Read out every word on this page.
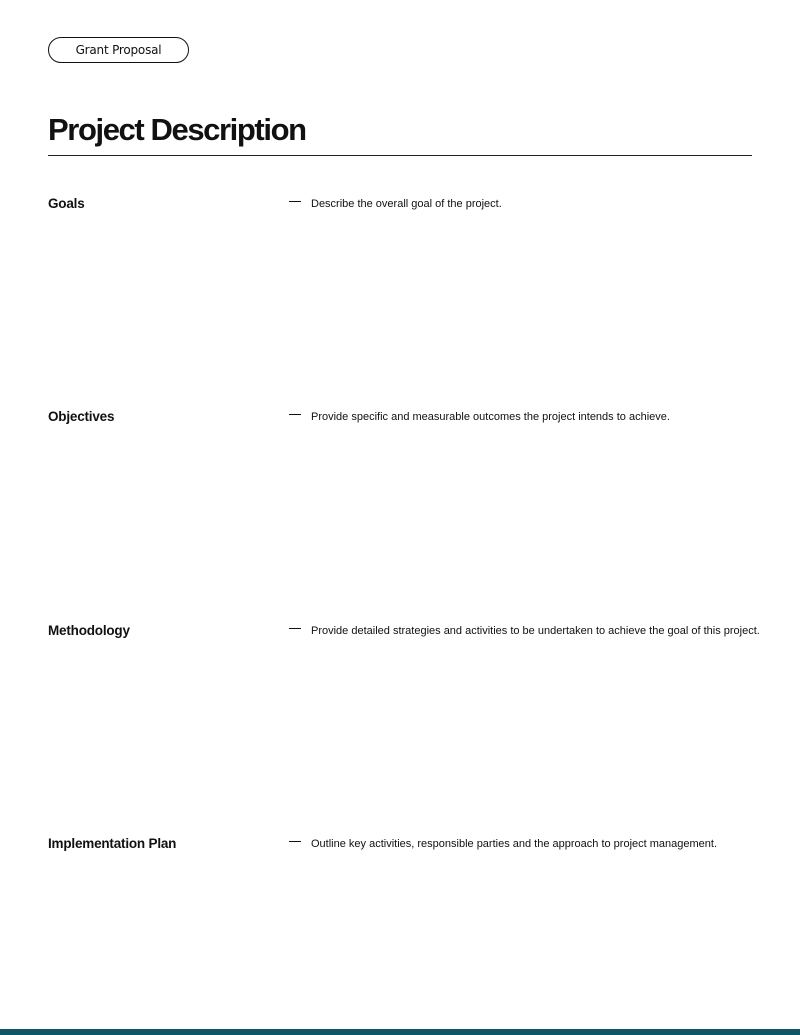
Grant Proposal
Project Description
Goals	Describe the overall goal of the project.
Objectives	Provide specific and measurable outcomes the project intends to achieve.
Methodology	Provide detailed strategies and activities to be undertaken to achieve the goal of this project.
Implementation Plan	Outline key activities, responsible parties and the approach to project management.
